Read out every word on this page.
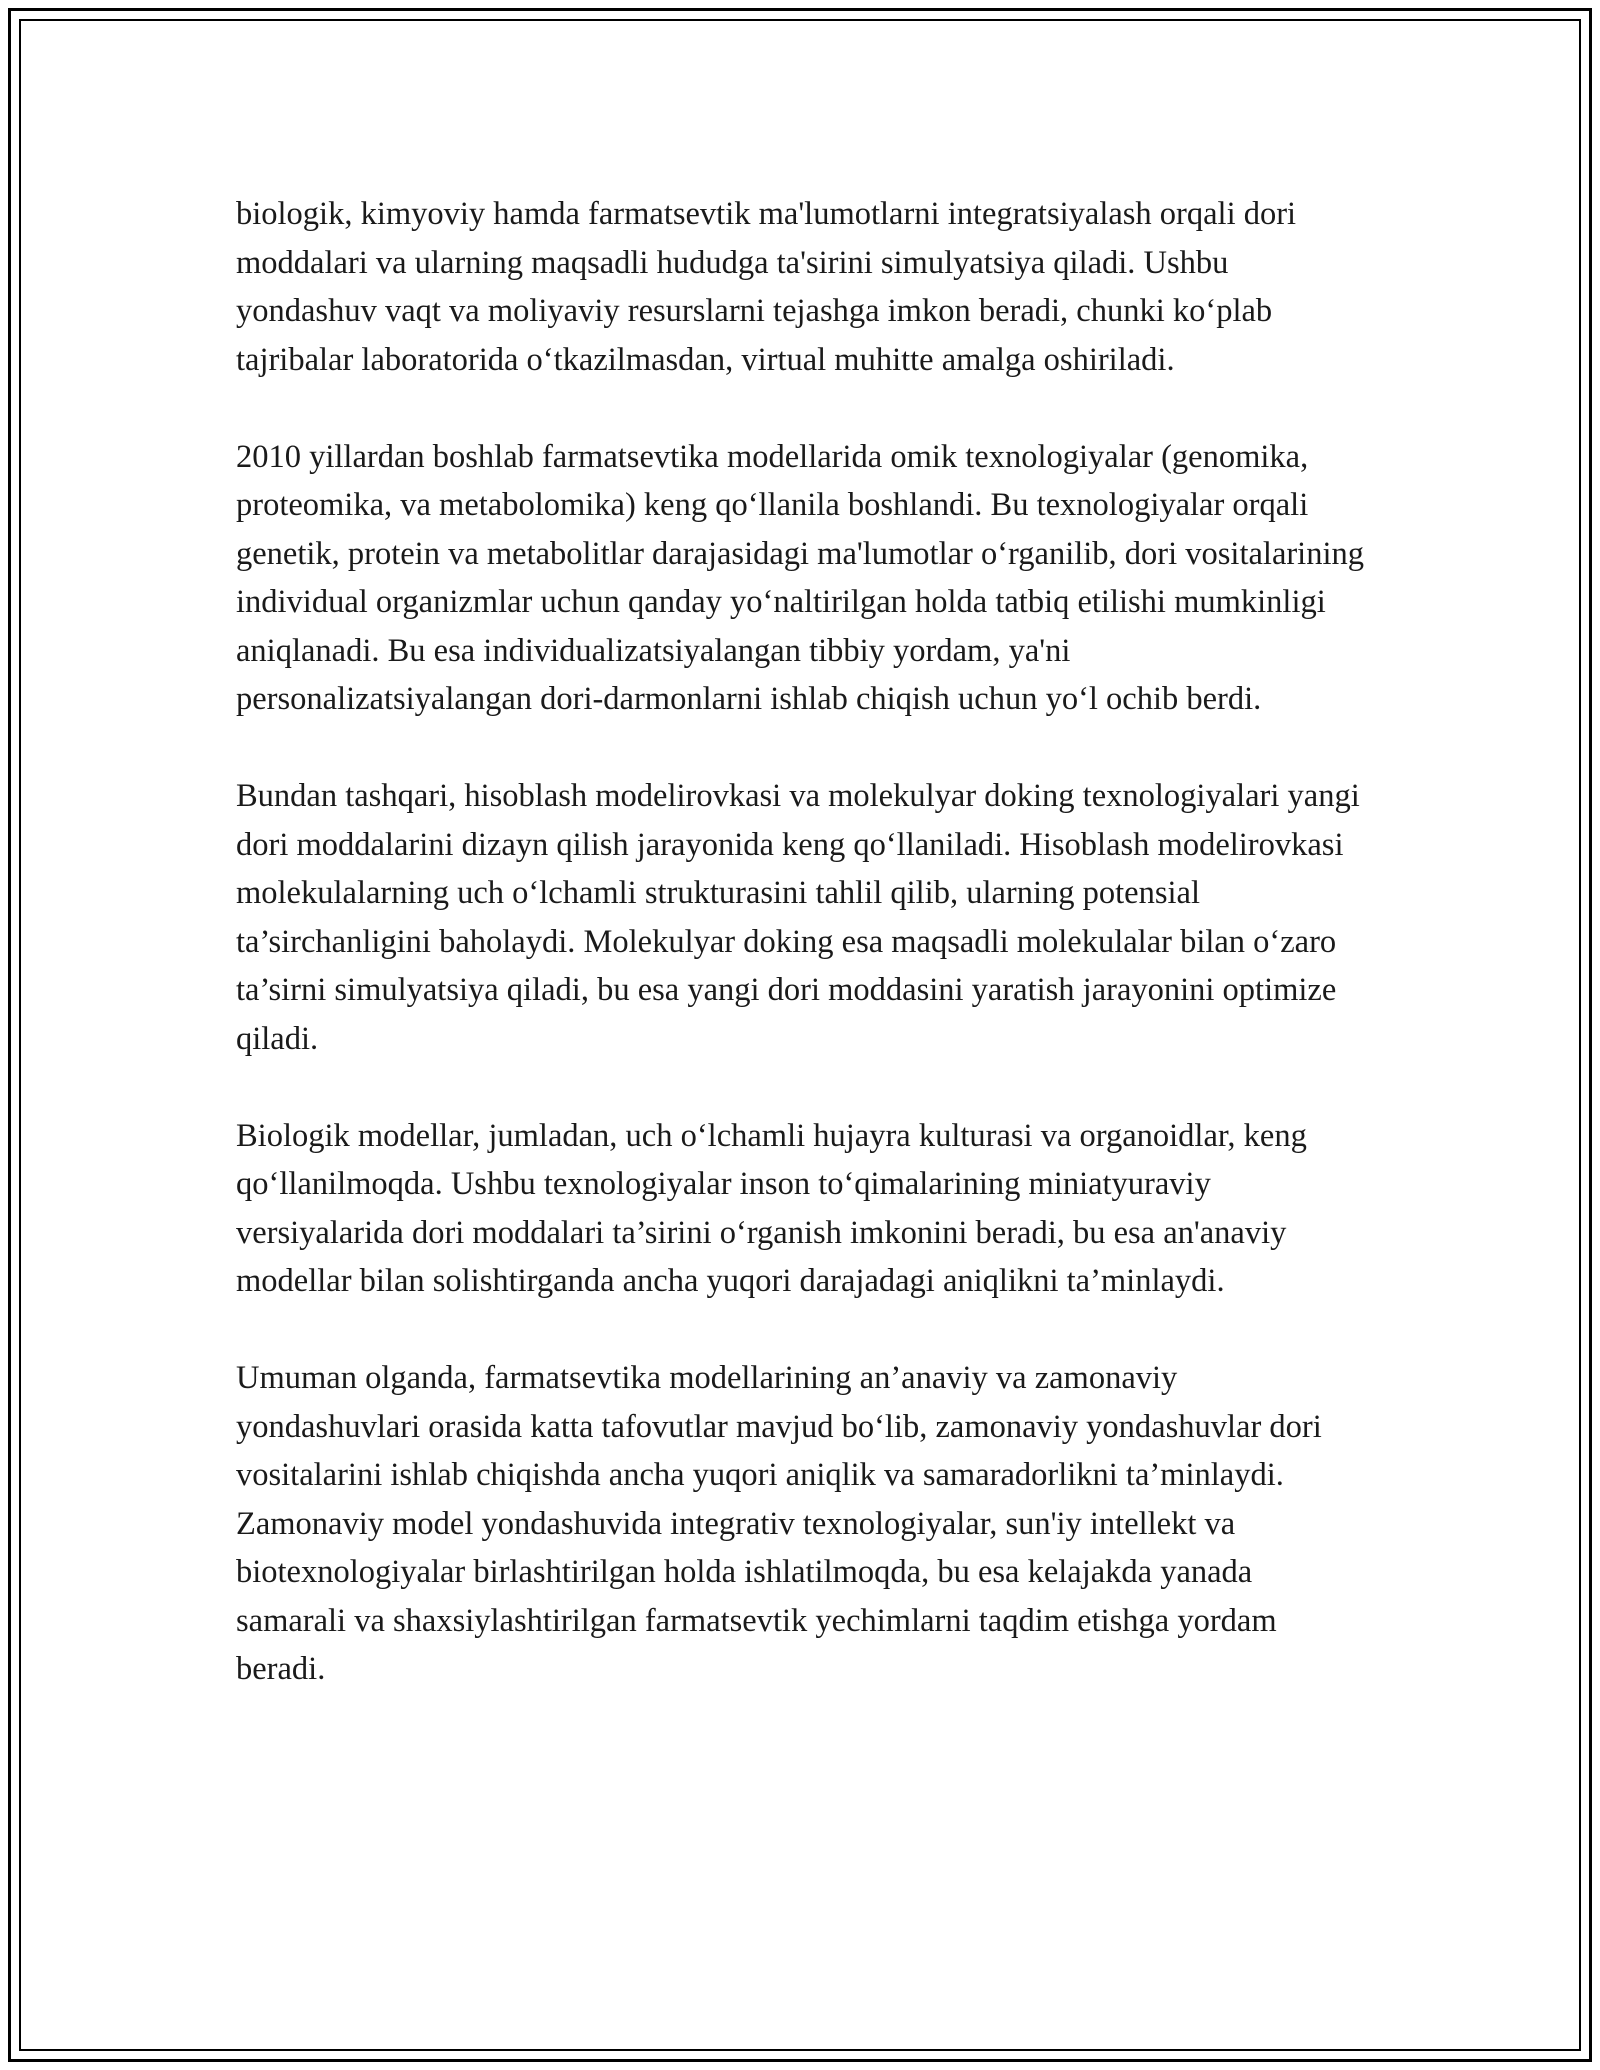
biologik, kimyoviy hamda farmatsevtik ma'lumotlarni integratsiyalash orqali dori moddalari va ularning maqsadli hududga ta'sirini simulyatsiya qiladi. Ushbu yondashuv vaqt va moliyaviy resurslarni tejashga imkon beradi, chunki koʻplab tajribalar laboratorida oʻtkazilmasdan, virtual muhitte amalga oshiriladi.

2010 yillardan boshlab farmatsevtika modellarida omik texnologiyalar (genomika, proteomika, va metabolomika) keng qoʻllanila boshlandi. Bu texnologiyalar orqali genetik, protein va metabolitlar darajasidagi ma'lumotlar oʻrganilib, dori vositalarining individual organizmlar uchun qanday yoʻnaltirilgan holda tatbiq etilishi mumkinligi aniqlanadi. Bu esa individualizatsiyalangan tibbiy yordam, ya'ni personalizatsiyalangan dori-darmonlarni ishlab chiqish uchun yoʻl ochib berdi.

Bundan tashqari, hisoblash modelirovkasi va molekulyar doking texnologiyalari yangi dori moddalarini dizayn qilish jarayonida keng qoʻllaniladi. Hisoblash modelirovkasi molekulalarning uch oʻlchamli strukturasini tahlil qilib, ularning potensial ta’sirchanligini baholaydi. Molekulyar doking esa maqsadli molekulalar bilan oʻzaro ta’sirni simulyatsiya qiladi, bu esa yangi dori moddasini yaratish jarayonini optimize qiladi.

Biologik modellar, jumladan, uch oʻlchamli hujayra kulturasi va organoidlar, keng qoʻllanilmoqda. Ushbu texnologiyalar inson toʻqimalarining miniatyuraviy versiyalarida dori moddalari ta’sirini oʻrganish imkonini beradi, bu esa an'anaviy modellar bilan solishtirganda ancha yuqori darajadagi aniqlikni ta’minlaydi.

Umuman olganda, farmatsevtika modellarining an’anaviy va zamonaviy yondashuvlari orasida katta tafovutlar mavjud boʻlib, zamonaviy yondashuvlar dori vositalarini ishlab chiqishda ancha yuqori aniqlik va samaradorlikni ta’minlaydi. Zamonaviy model yondashuvida integrativ texnologiyalar, sun'iy intellekt va biotexnologiyalar birlashtirilgan holda ishlatilmoqda, bu esa kelajakda yanada samarali va shaxsiylashtirilgan farmatsevtik yechimlarni taqdim etishga yordam beradi.
